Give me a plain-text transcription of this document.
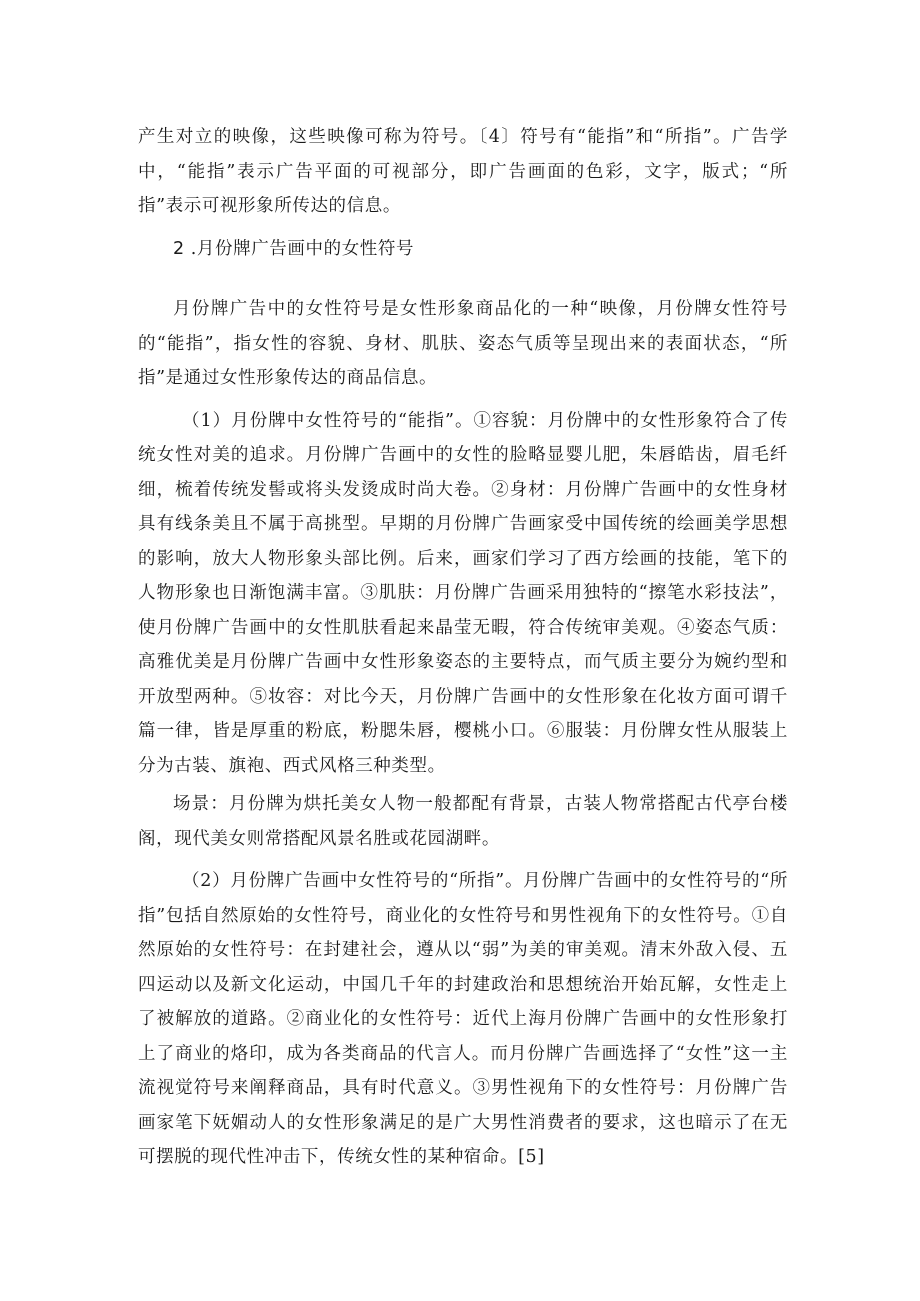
产生对立的映像，这些映像可称为符号。〔4〕符号有“能指”和“所指”。广告学中，“能指”表示广告平面的可视部分，即广告画面的色彩，文字，版式；“所指”表示可视形象所传达的信息。

2 .月份牌广告画中的女性符号

月份牌广告中的女性符号是女性形象商品化的一种“映像，月份牌女性符号的“能指”，指女性的容貌、身材、肌肤、姿态气质等呈现出来的表面状态，“所指”是通过女性形象传达的商品信息。

（1）月份牌中女性符号的“能指”。①容貌：月份牌中的女性形象符合了传统女性对美的追求。月份牌广告画中的女性的脸略显婴儿肥，朱唇皓齿，眉毛纤细，梳着传统发髻或将头发烫成时尚大卷。②身材：月份牌广告画中的女性身材具有线条美且不属于高挑型。早期的月份牌广告画家受中国传统的绘画美学思想的影响，放大人物形象头部比例。后来，画家们学习了西方绘画的技能，笔下的人物形象也日渐饱满丰富。③肌肤：月份牌广告画采用独特的“擦笔水彩技法”，使月份牌广告画中的女性肌肤看起来晶莹无暇，符合传统审美观。④姿态气质：高雅优美是月份牌广告画中女性形象姿态的主要特点，而气质主要分为婉约型和开放型两种。⑤妆容：对比今天，月份牌广告画中的女性形象在化妆方面可谓千篇一律，皆是厚重的粉底，粉腮朱唇，樱桃小口。⑥服装：月份牌女性从服装上分为古装、旗袍、西式风格三种类型。

场景：月份牌为烘托美女人物一般都配有背景，古装人物常搭配古代亭台楼阁，现代美女则常搭配风景名胜或花园湖畔。

（2）月份牌广告画中女性符号的“所指”。月份牌广告画中的女性符号的“所指”包括自然原始的女性符号，商业化的女性符号和男性视角下的女性符号。①自然原始的女性符号：在封建社会，遵从以“弱”为美的审美观。清末外敌入侵、五四运动以及新文化运动，中国几千年的封建政治和思想统治开始瓦解，女性走上了被解放的道路。②商业化的女性符号：近代上海月份牌广告画中的女性形象打上了商业的烙印，成为各类商品的代言人。而月份牌广告画选择了“女性”这一主流视觉符号来阐释商品，具有时代意义。③男性视角下的女性符号：月份牌广告画家笔下妩媚动人的女性形象满足的是广大男性消费者的要求，这也暗示了在无可摆脱的现代性冲击下，传统女性的某种宿命。[5]
